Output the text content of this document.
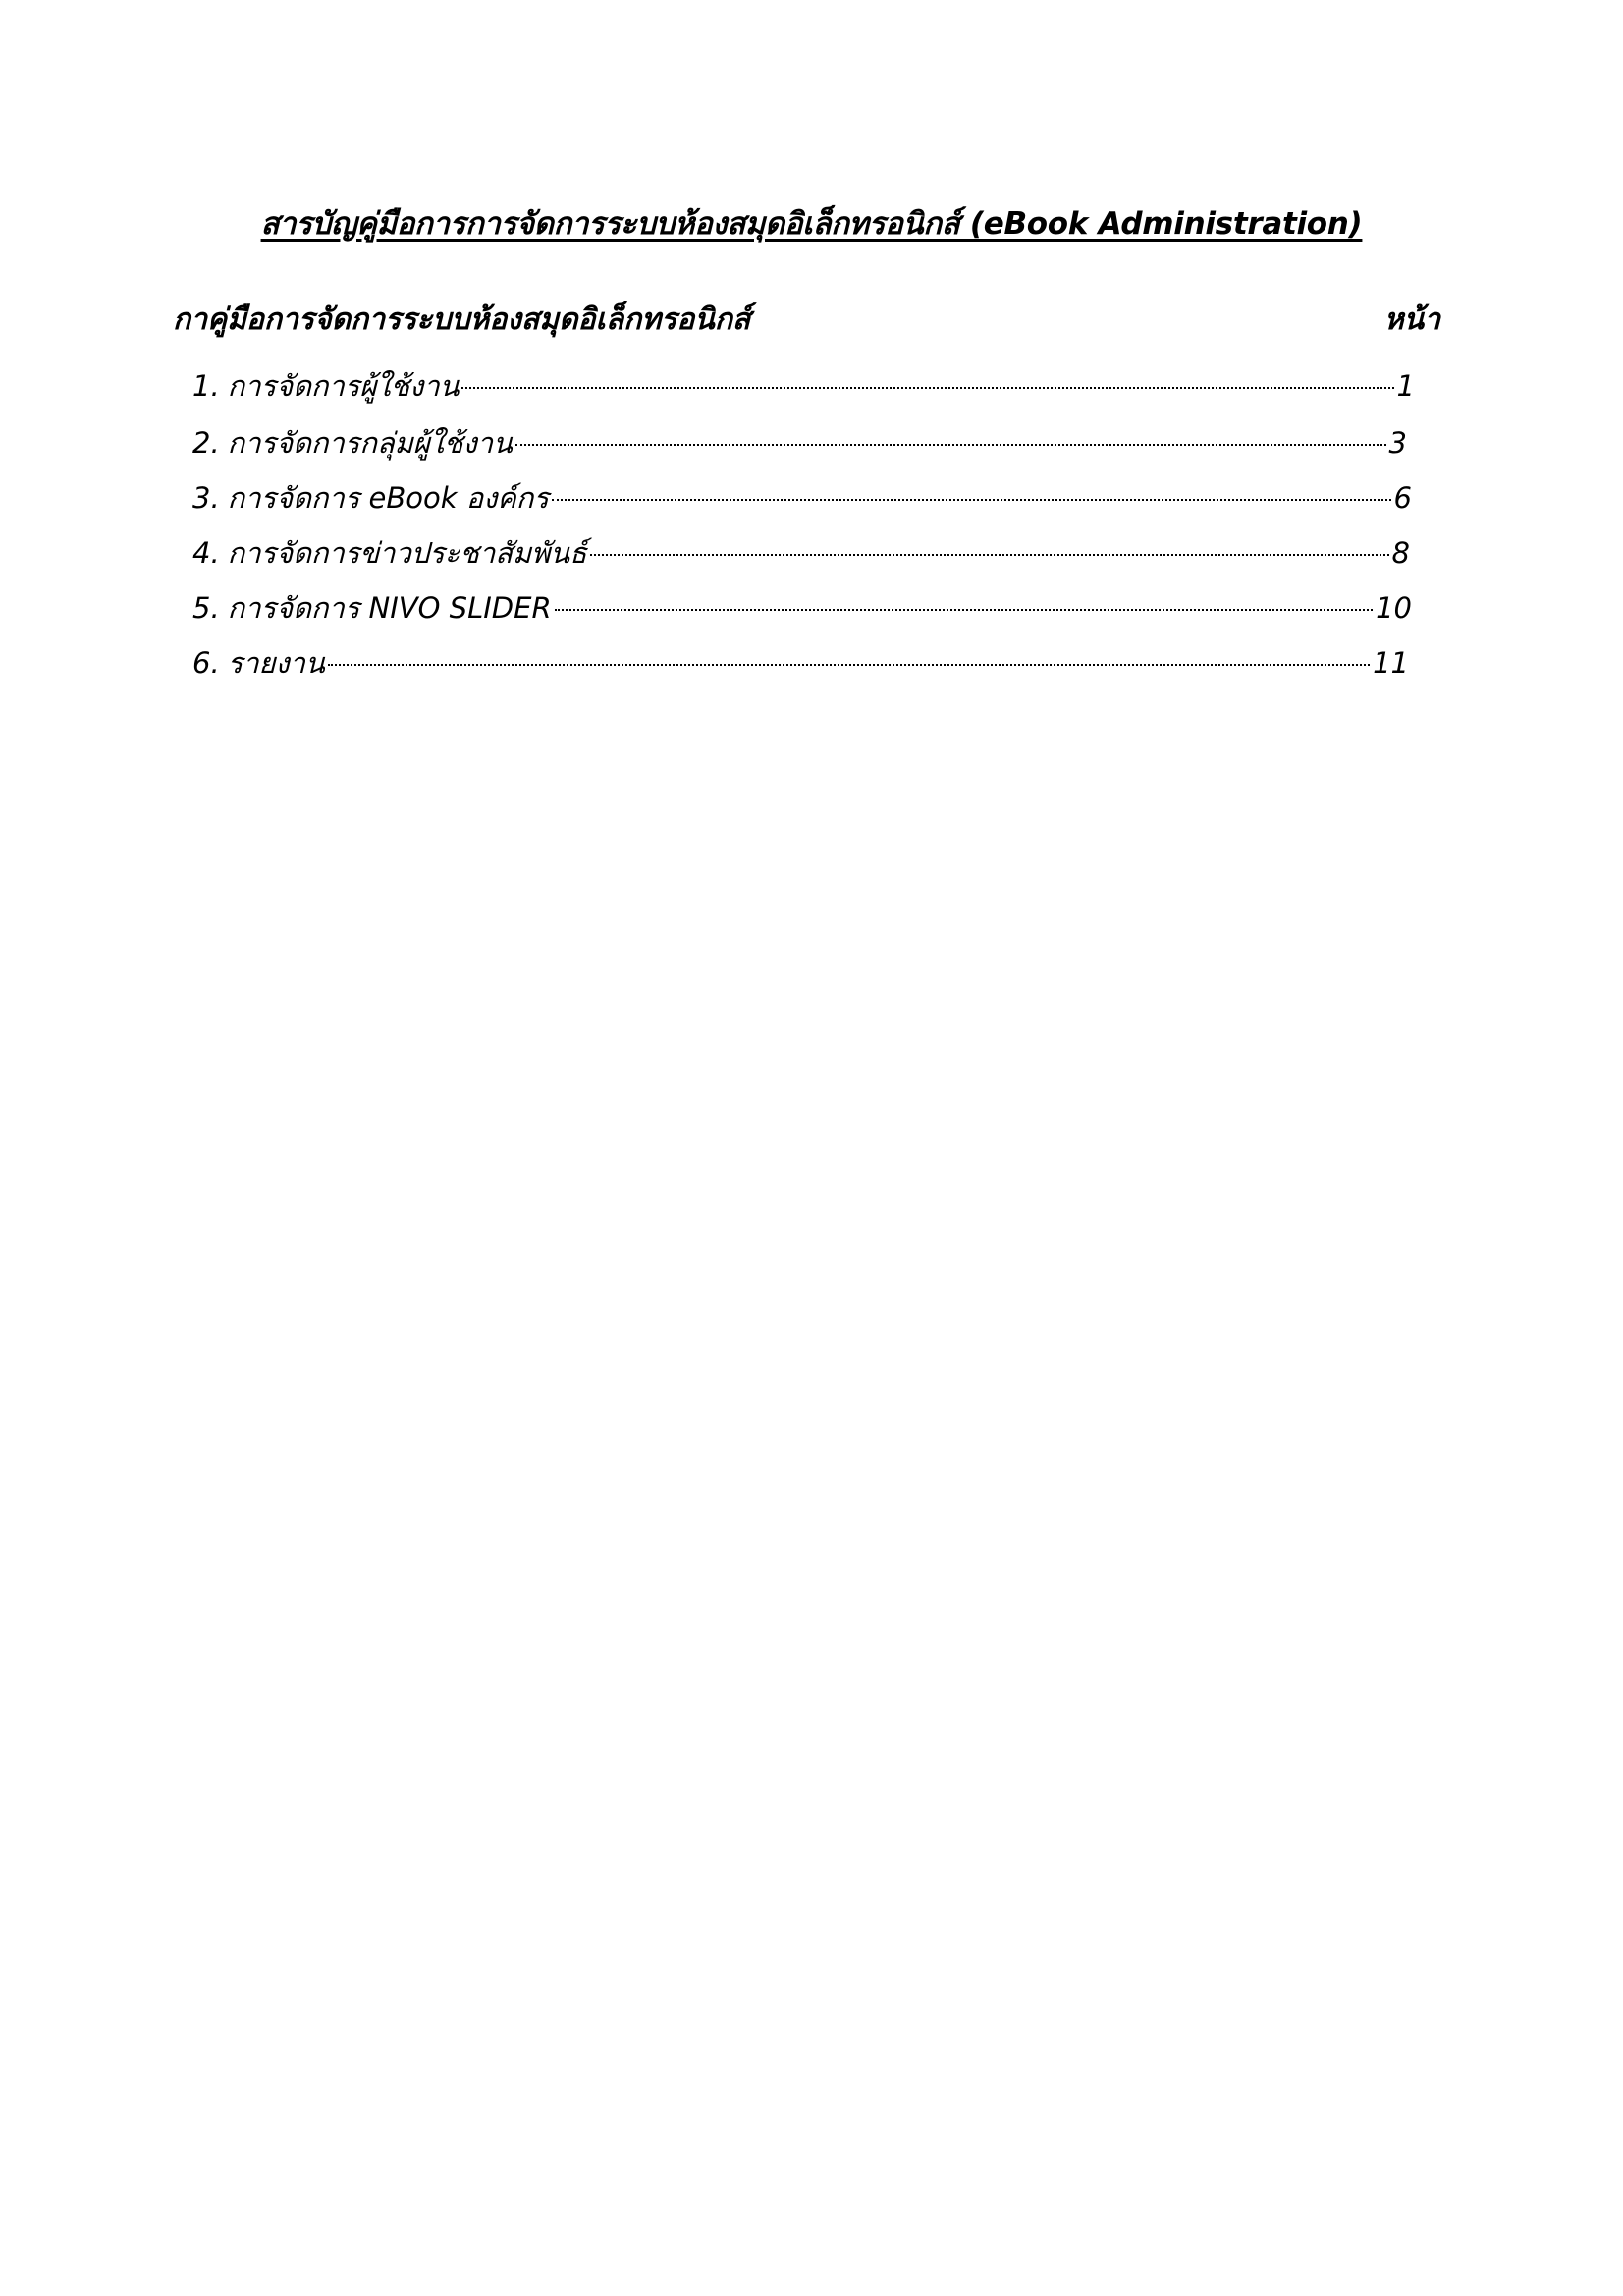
สารบัญคู่มือการการจัดการระบบห้องสมุดอิเล็กทรอนิกส์ (eBook Administration)
กาคู่มือการจัดการระบบห้องสมุดอิเล็กทรอนิกส์	หน้า
1. การจัดการผู้ใช้งาน	1
2. การจัดการกลุ่มผู้ใช้งาน	3
3. การจัดการ eBook องค์กร	6
4. การจัดการข่าวประชาสัมพันธ์	8
5. การจัดการ NIVO SLIDER	10
6. รายงาน	11
